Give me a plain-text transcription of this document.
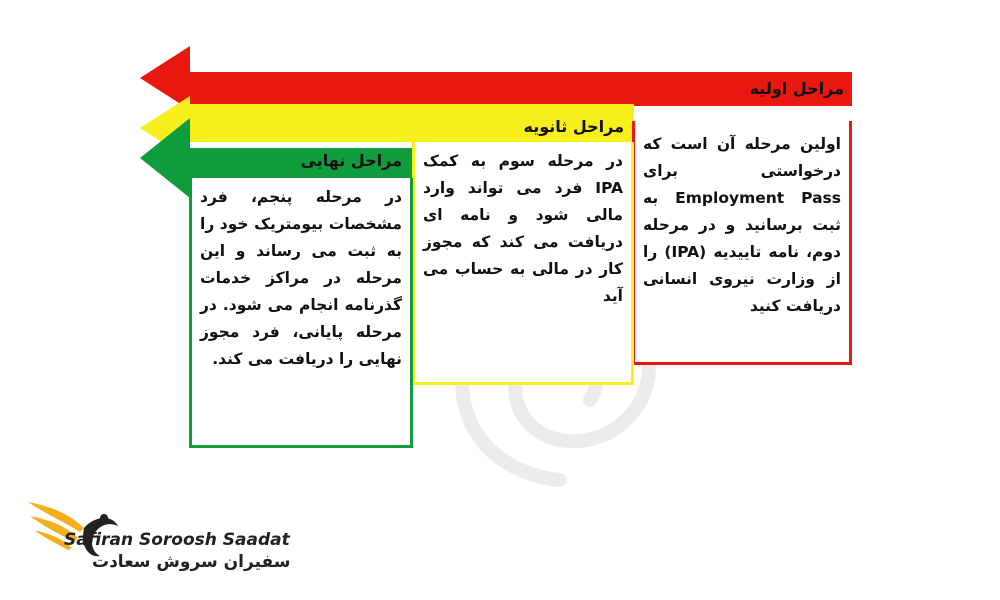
مراحل اولیه
مراحل ثانویه
مراحل نهایی
اولین مرحله آن است که درخواستی برای Employment Pass به ثبت برسانید و در مرحله دوم، نامه تاییدیه (IPA) را از وزارت نیروی انسانی دریافت کنید
در مرحله سوم به کمک IPA فرد می تواند وارد مالی شود و نامه ای دریافت می کند که مجوز کار در مالی به حساب می آید
در مرحله پنجم، فرد مشخصات بیومتریک خود را به ثبت می رساند و این مرحله در مراکز خدمات گذرنامه انجام می شود. در مرحله پایانی، فرد مجوز نهایی را دریافت می کند.
Safiran Soroosh Saadat
سفیران سروش سعادت
